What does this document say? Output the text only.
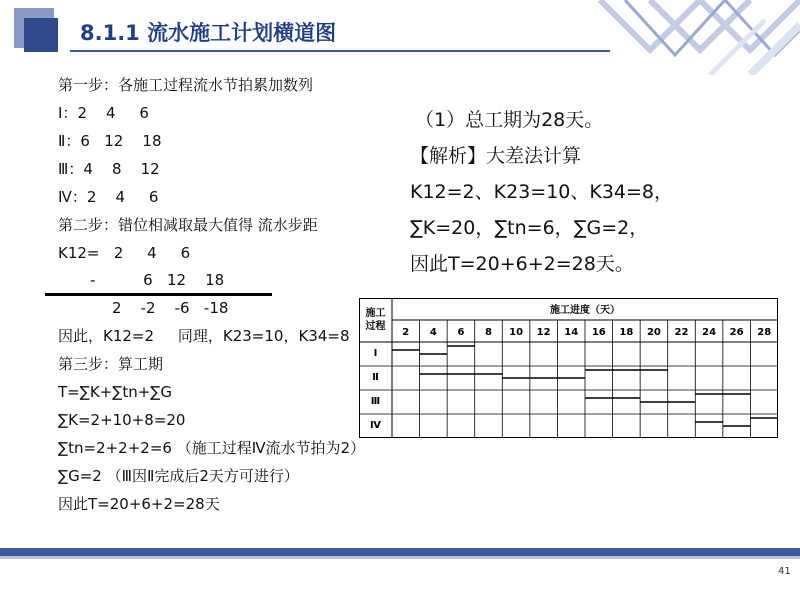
8.1.1 流水施工计划横道图
第一步：各施工过程流水节拍累加数列
Ⅰ：2    4     6
Ⅱ：6   12    18
Ⅲ：4    8    12
Ⅳ：2    4     6
第二步：错位相减取最大值得 流水步距
K12=   2     4     6
-          6   12    18
2    -2    -6   -18
因此，K12=2     同理，K23=10，K34=8
第三步：算工期
T=∑K+∑tn+∑G
∑K=2+10+8=20
∑tn=2+2+2=6 （施工过程Ⅳ流水节拍为2）
∑G=2 （Ⅲ因Ⅱ完成后2天方可进行）
因此T=20+6+2=28天
（1）总工期为28天。
【解析】大差法计算
K12=2、K23=10、K34=8，
∑K=20，∑tn=6，∑G=2，
因此T=20+6+2=28天。
2 4 6 8 10 12 14 16 18 20 22 24 26 28
施工
过程
施工进度（天）
Ⅰ
Ⅱ
Ⅲ
Ⅳ
41
